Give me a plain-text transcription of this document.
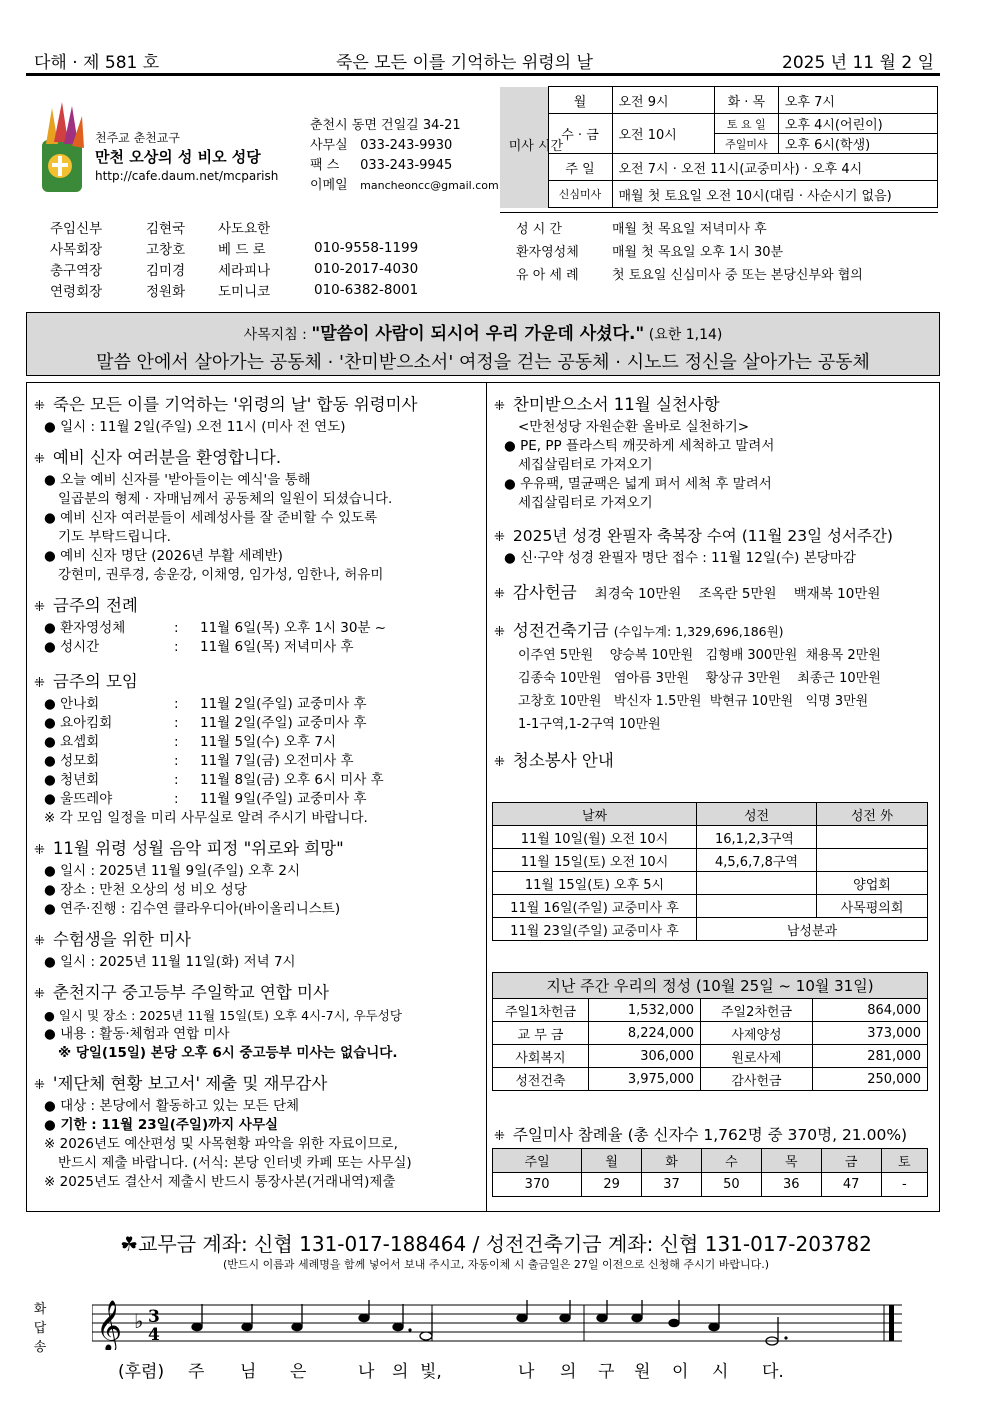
다해 · 제 581 호	죽은 모든 이를 기억하는 위령의 날	2025 년 11 월 2 일
천주교 춘천교구
만천 오상의 성 비오 성당
http://cafe.daum.net/mcparish
춘천시 동면 건일길 34-21
사무실 033-243-9930
팩 스 033-243-9945
이메일 mancheoncc@gmail.com
미사 시간	월	오전 9시	화 · 목	오후 7시
	수 · 금	오전 10시	토 요 일	오후 4시(어린이)
			주일미사	오후 6시(학생)
	주 일	오전 7시 · 오전 11시(교중미사) · 오후 4시		
	신심미사	매월 첫 토요일 오전 10시(대림 · 사순시기 없음)		
주임신부	김현국	사도요한	
사목회장	고창호	베 드 로	010-9558-1199
총구역장	김미경	세라피나	010-2017-4030
연령회장	정원화	도미니코	010-6382-8001
성 시 간	매월 첫 목요일 저녁미사 후
환자영성체	매월 첫 목요일 오후 1시 30분
유 아 세 례	첫 토요일 신심미사 중 또는 본당신부와 협의
사목지침 : "말씀이 사람이 되시어 우리 가운데 사셨다." (요한 1,14)
말씀 안에서 살아가는 공동체 · '찬미받으소서' 여정을 걷는 공동체 · 시노드 정신을 살아가는 공동체
⁜ 죽은 모든 이를 기억하는 '위령의 날' 합동 위령미사
● 일시 : 11월 2일(주일) 오전 11시 (미사 전 연도)
⁜ 예비 신자 여러분을 환영합니다.
● 오늘 예비 신자를 '받아들이는 예식'을 통해
일곱분의 형제 · 자매님께서 공동체의 일원이 되셨습니다.
● 예비 신자 여러분들이 세례성사를 잘 준비할 수 있도록
기도 부탁드립니다.
● 예비 신자 명단 (2026년 부활 세례반)
강현미, 권루경, 송운강, 이채영, 임가성, 임한나, 허유미
⁜ 금주의 전례
● 환자영성체	: 11월 6일(목) 오후 1시 30분 ~
● 성시간	: 11월 6일(목) 저녁미사 후
⁜ 금주의 모임
● 안나회	: 11월 2일(주일) 교중미사 후
● 요아킴회	: 11월 2일(주일) 교중미사 후
● 요셉회	: 11월 5일(수) 오후 7시
● 성모회	: 11월 7일(금) 오전미사 후
● 청년회	: 11월 8일(금) 오후 6시 미사 후
● 울뜨레야	: 11월 9일(주일) 교중미사 후
※ 각 모임 일정을 미리 사무실로 알려 주시기 바랍니다.
⁜ 11월 위령 성월 음악 피정 "위로와 희망"
● 일시 : 2025년 11월 9일(주일) 오후 2시
● 장소 : 만천 오상의 성 비오 성당
● 연주·진행 : 김수연 클라우디아(바이올리니스트)
⁜ 수험생을 위한 미사
● 일시 : 2025년 11월 11일(화) 저녁 7시
⁜ 춘천지구 중고등부 주일학교 연합 미사
● 일시 및 장소 : 2025년 11월 15일(토) 오후 4시-7시, 우두성당
● 내용 : 활동·체험과 연합 미사
※ 당일(15일) 본당 오후 6시 중고등부 미사는 없습니다.
⁜ '제단체 현황 보고서' 제출 및 재무감사
● 대상 : 본당에서 활동하고 있는 모든 단체
● 기한 : 11월 23일(주일)까지 사무실
※ 2026년도 예산편성 및 사목현황 파악을 위한 자료이므로,
반드시 제출 바랍니다. (서식: 본당 인터넷 카페 또는 사무실)
※ 2025년도 결산서 제출시 반드시 통장사본(거래내역)제출
⁜ 찬미받으소서 11월 실천사항
<만천성당 자원순환 올바로 실천하기>
● PE, PP 플라스틱 깨끗하게 세척하고 말려서
세집살림터로 가져오기
● 우유팩, 멸균팩은 넓게 펴서 세척 후 말려서
세집살림터로 가져오기
⁜ 2025년 성경 완필자 축복장 수여 (11월 23일 성서주간)
● 신·구약 성경 완필자 명단 접수 : 11월 12일(수) 본당마감
⁜ 감사헌금 최경숙 10만원    조옥란 5만원    백재복 10만원
⁜ 성전건축기금 (수입누계: 1,329,696,186원)
이주연 5만원    양승복 10만원   김형배 300만원  채용목 2만원
김종숙 10만원   염아름 3만원    황상규 3만원    최종근 10만원
고창호 10만원   박신자 1.5만원  박현규 10만원   익명 3만원
1-1구역,1-2구역 10만원
⁜ 청소봉사 안내
날짜	성전	성전 外
11월 10일(월) 오전 10시	16,1,2,3구역	
11월 15일(토) 오전 10시	4,5,6,7,8구역	
11월 15일(토) 오후 5시		양업회
11월 16일(주일) 교중미사 후		사목평의회
11월 23일(주일) 교중미사 후	남성분과	
지난 주간 우리의 정성 (10월 25일 ~ 10월 31일)			
주일1차헌금	1,532,000	주일2차헌금	864,000
교 무 금	8,224,000	사제양성	373,000
사회복지	306,000	원로사제	281,000
성전건축	3,975,000	감사헌금	250,000
⁜ 주일미사 참례율 (총 신자수 1,762명 중 370명, 21.00%)
주일	월	화	수	목	금	토
370	29	37	50	36	47	-
☘교무금 계좌: 신협 131-017-188464 / 성전건축기금 계좌: 신협 131-017-203782
(반드시 이름과 세례명을 함께 넣어서 보내 주시고, 자동이체 시 출금일은 27일 이전으로 신청해 주시기 바랍니다.)
화 답 송 𝄞 ♭ 3
4
(후렴) 주 님 은	나 의 빛,	나 의 구 원 이 시 다.
